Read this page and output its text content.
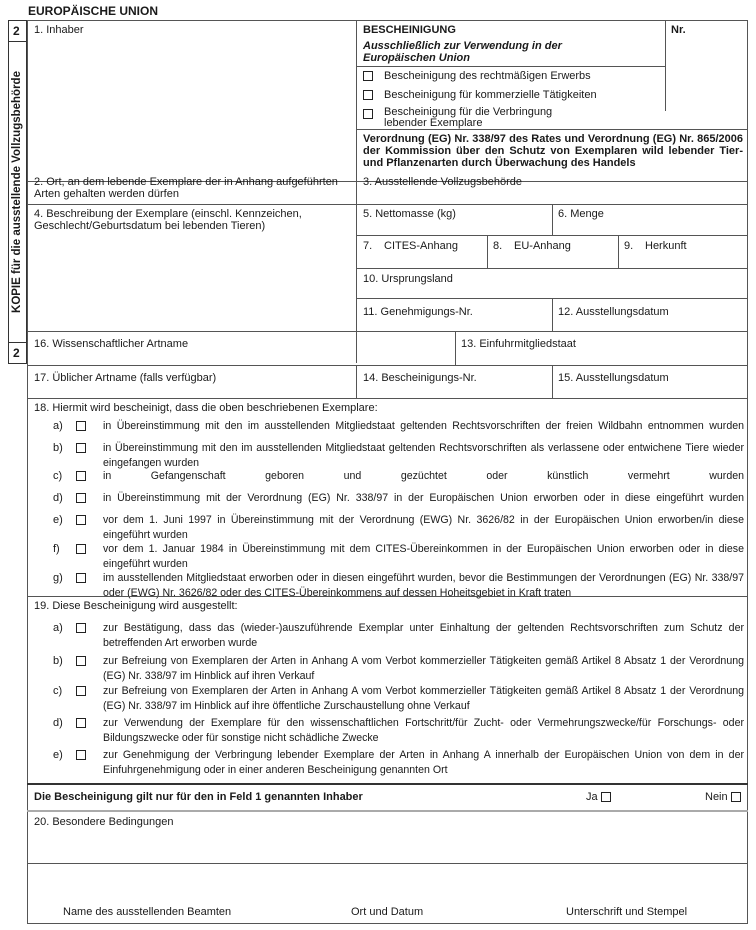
EUROPÄISCHE UNION
2
2
KOPIE für die ausstellende Vollzugsbehörde
1. Inhaber	BESCHEINIGUNG
Ausschließlich zur Verwendung in der Europäischen Union
Nr.
Bescheinigung des rechtmäßigen Erwerbs
Bescheinigung für kommerzielle Tätigkeiten
Bescheinigung für die Verbringung lebender Exemplare
Verordnung (EG) Nr. 338/97 des Rates und Verordnung (EG) Nr. 865/2006 der Kommission über den Schutz von Exemplaren wild lebender Tier- und Pflanzenarten durch Überwachung des Handels
2. Ort, an dem lebende Exemplare der in Anhang aufgeführten Arten gehalten werden dürfen
3. Ausstellende Vollzugsbehörde
4. Beschreibung der Exemplare (einschl. Kennzeichen, Geschlecht/Geburtsdatum bei lebenden Tieren)
5. Nettomasse (kg)	6. Menge
7. CITES-Anhang	8. EU-Anhang	9. Herkunft
10. Ursprungsland
11. Genehmigungs-Nr.	12. Ausstellungsdatum
16. Wissenschaftlicher Artname	13. Einfuhrmitgliedstaat
17. Üblicher Artname (falls verfügbar)	14. Bescheinigungs-Nr.	15. Ausstellungsdatum
18. Hiermit wird bescheinigt, dass die oben beschriebenen Exemplare:
a)	in Übereinstimmung mit den im ausstellenden Mitgliedstaat geltenden Rechtsvorschriften der freien Wildbahn entnommen wurden
b)	in Übereinstimmung mit den im ausstellenden Mitgliedstaat geltenden Rechtsvorschriften als verlassene oder entwichene Tiere wieder eingefangen wurden
c)	in Gefangenschaft geboren und gezüchtet oder künstlich vermehrt wurden
d)	in Übereinstimmung mit der Verordnung (EG) Nr. 338/97 in der Europäischen Union erworben oder in diese eingeführt wurden
e)	vor dem 1. Juni 1997 in Übereinstimmung mit der Verordnung (EWG) Nr. 3626/82 in der Europäischen Union erworben/in diese eingeführt wurden
f)	vor dem 1. Januar 1984 in Übereinstimmung mit dem CITES-Übereinkommen in der Europäischen Union erworben oder in diese eingeführt wurden
g)	im ausstellenden Mitgliedstaat erworben oder in diesen eingeführt wurden, bevor die Bestimmungen der Verordnungen (EG) Nr. 338/97 oder (EWG) Nr. 3626/82 oder des CITES-Übereinkommens auf dessen Hoheitsgebiet in Kraft traten
19. Diese Bescheinigung wird ausgestellt:
a)	zur Bestätigung, dass das (wieder-)auszuführende Exemplar unter Einhaltung der geltenden Rechtsvorschriften zum Schutz der betreffenden Art erworben wurde
b)	zur Befreiung von Exemplaren der Arten in Anhang A vom Verbot kommerzieller Tätigkeiten gemäß Artikel 8 Absatz 1 der Verordnung (EG) Nr. 338/97 im Hinblick auf ihren Verkauf
c)	zur Befreiung von Exemplaren der Arten in Anhang A vom Verbot kommerzieller Tätigkeiten gemäß Artikel 8 Absatz 1 der Verordnung (EG) Nr. 338/97 im Hinblick auf ihre öffentliche Zurschaustellung ohne Verkauf
d)	zur Verwendung der Exemplare für den wissenschaftlichen Fortschritt/für Zucht- oder Vermehrungszwecke/für Forschungs- oder Bildungszwecke oder für sonstige nicht schädliche Zwecke
e)	zur Genehmigung der Verbringung lebender Exemplare der Arten in Anhang A innerhalb der Europäischen Union von dem in der Einfuhrgenehmigung oder in einer anderen Bescheinigung genannten Ort
Die Bescheinigung gilt nur für den in Feld 1 genannten Inhaber	Ja	Nein
20. Besondere Bedingungen
Name des ausstellenden Beamten	Ort und Datum	Unterschrift und Stempel
